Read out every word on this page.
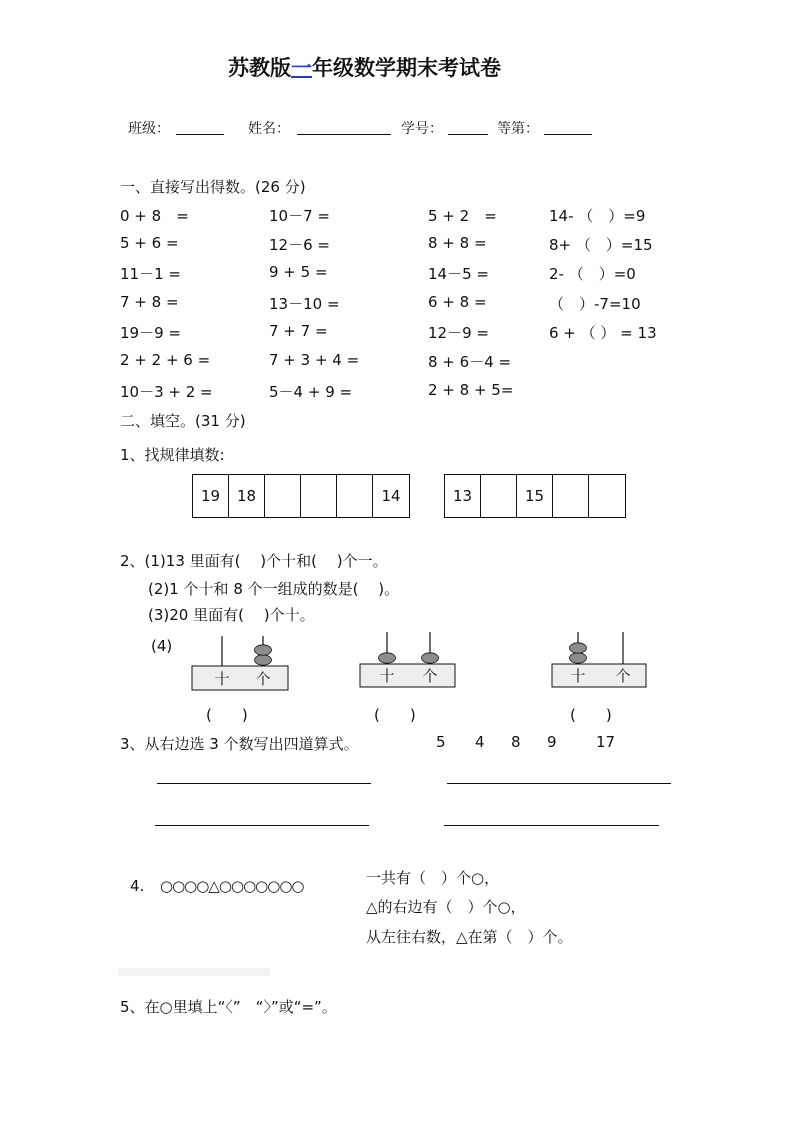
苏教版一年级数学期末考试卷
班级：	姓名：	学号：	等第：
一、直接写出得数。(26 分)
0 + 8　=	10－7 =	5 + 2　=	14- （　）=9
5 + 6 =	12－6 =	8 + 8 =	8+ （　）=15
11－1 =	9 + 5 =	14－5 =	2- （　）=0
7 + 8 =	13－10 =	6 + 8 =	（　）-7=10
19－9 =	7 + 7 =	12－9 =	6 + （ ） = 13
2 + 2 + 6 =	7 + 3 + 4 =	8 + 6－4 =
10－3 + 2 =	5－4 + 9 =	2 + 8 + 5=
二、填空。(31 分)
1、找规律填数:
19	18	14	13	15
2、(1)13 里面有(　 )个十和(　 )个一。
(2)1 个十和 8 个一组成的数是(　 )。
(3)20 里面有(　 )个十。
(4)
十 个	十 个	十 个
(　　)	(　　)	(　　)
3、从右边选 3 个数写出四道算式。	5 4 8 9	17
4. ○○○○△○○○○○○○	一共有（　）个○，
△的右边有（　）个○，
从左往右数，△在第（　）个。
5、在○里填上“〈”　“〉”或“=”。
